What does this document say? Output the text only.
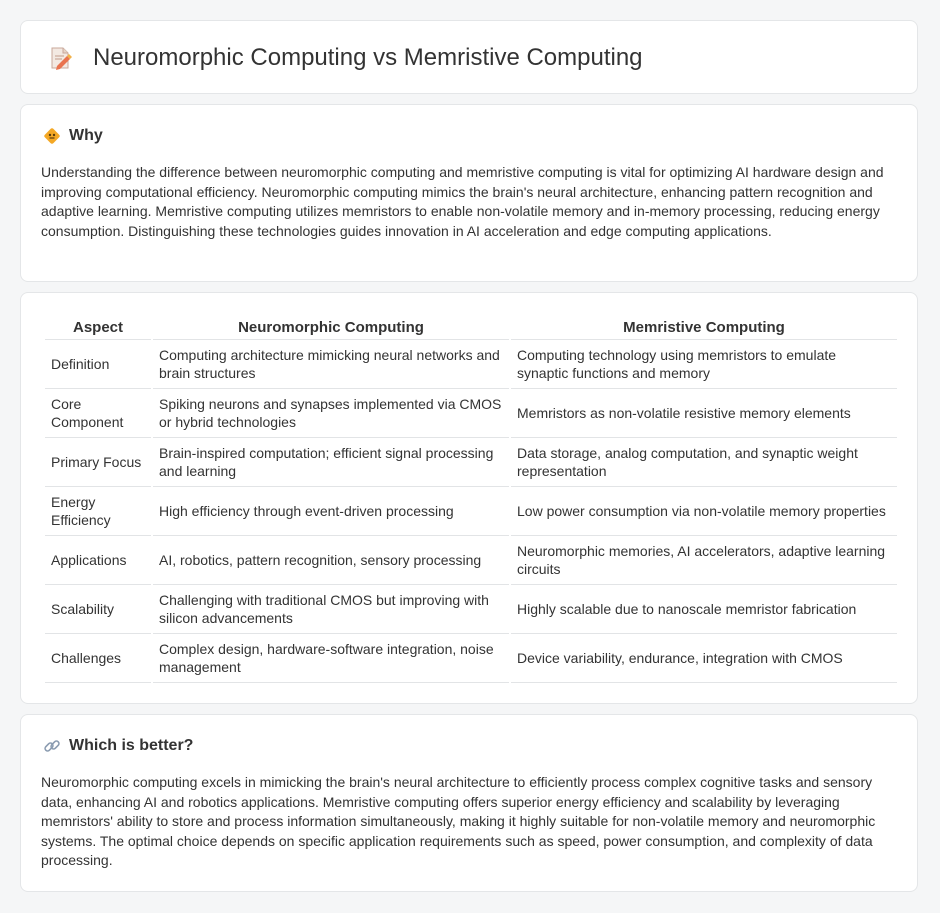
Neuromorphic Computing vs Memristive Computing
Why

Understanding the difference between neuromorphic computing and memristive computing is vital for optimizing AI hardware design and improving computational efficiency. Neuromorphic computing mimics the brain's neural architecture, enhancing pattern recognition and adaptive learning. Memristive computing utilizes memristors to enable non-volatile memory and in-memory processing, reducing energy consumption. Distinguishing these technologies guides innovation in AI acceleration and edge computing applications.

Aspect	Neuromorphic Computing	Memristive Computing
Definition	Computing architecture mimicking neural networks and brain structures	Computing technology using memristors to emulate synaptic functions and memory
Core Component	Spiking neurons and synapses implemented via CMOS or hybrid technologies	Memristors as non-volatile resistive memory elements
Primary Focus	Brain-inspired computation; efficient signal processing and learning	Data storage, analog computation, and synaptic weight representation
Energy Efficiency	High efficiency through event-driven processing	Low power consumption via non-volatile memory properties
Applications	AI, robotics, pattern recognition, sensory processing	Neuromorphic memories, AI accelerators, adaptive learning circuits
Scalability	Challenging with traditional CMOS but improving with silicon advancements	Highly scalable due to nanoscale memristor fabrication
Challenges	Complex design, hardware-software integration, noise management	Device variability, endurance, integration with CMOS
Which is better?

Neuromorphic computing excels in mimicking the brain's neural architecture to efficiently process complex cognitive tasks and sensory data, enhancing AI and robotics applications. Memristive computing offers superior energy efficiency and scalability by leveraging memristors' ability to store and process information simultaneously, making it highly suitable for non-volatile memory and neuromorphic systems. The optimal choice depends on specific application requirements such as speed, power consumption, and complexity of data processing.
